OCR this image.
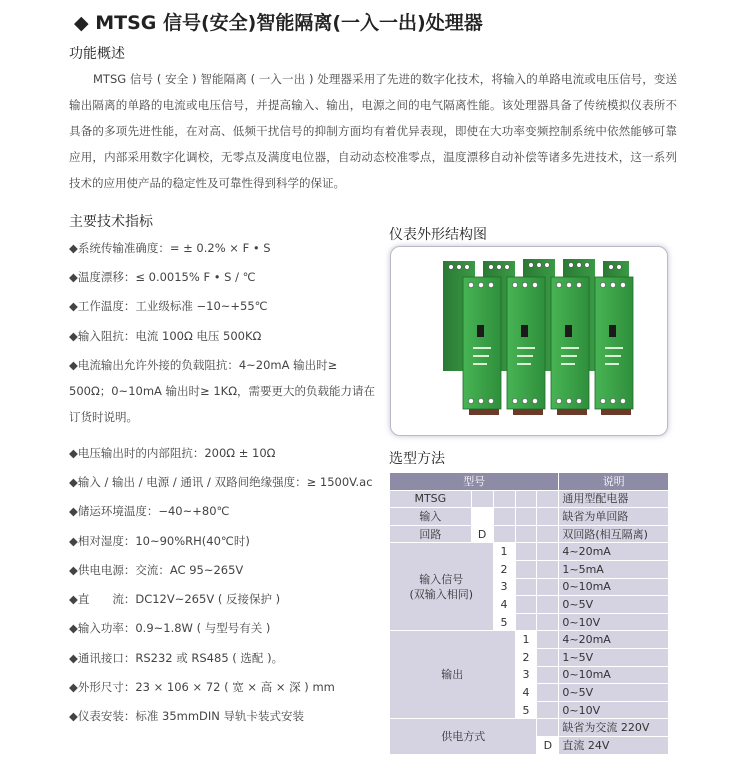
◆ MTSG 信号(安全)智能隔离(一入一出)处理器
功能概述
MTSG 信号 ( 安全 ) 智能隔离 ( 一入一出 ) 处理器采用了先进的数字化技术，将输入的单路电流或电压信号，变送输出隔离的单路的电流或电压信号，并提高输入、输出，电源之间的电气隔离性能。该处理器具备了传统模拟仪表所不具备的多项先进性能，在对高、低频干扰信号的抑制方面均有着优异表现，即使在大功率变频控制系统中依然能够可靠应用，内部采用数字化调校，无零点及满度电位器，自动动态校准零点，温度漂移自动补偿等诸多先进技术，这一系列技术的应用使产品的稳定性及可靠性得到科学的保证。
主要技术指标
◆系统传输准确度：= ± 0.2% × F • S
◆温度漂移：≤ 0.0015% F • S / ℃
◆工作温度：工业级标准 −10~+55℃
◆输入阻抗：电流 100Ω 电压 500KΩ
◆电流输出允许外接的负载阻抗：4~20mA 输出时≥ 500Ω；0~10mA 输出时≥ 1KΩ，需要更大的负载能力请在订货时说明。
◆电压输出时的内部阻抗：200Ω ± 10Ω
◆输入 / 输出 / 电源 / 通讯 / 双路间绝缘强度：≥ 1500V.ac
◆储运环境温度：−40~+80℃
◆相对湿度：10~90%RH(40℃时)
◆供电电源：交流：AC 95~265V
◆直　　流：DC12V~265V ( 反接保护 )
◆输入功率：0.9~1.8W ( 与型号有关 )
◆通讯接口：RS232 或 RS485 ( 选配 )。
◆外形尺寸：23 × 106 × 72 ( 宽 × 高 × 深 ) mm
◆仪表安装：标准 35mmDIN 导轨卡装式安装
仪表外形结构图
选型方法
型号					说明
MTSG					通用型配电器
输入					缺省为单回路
回路	D				双回路(相互隔离)

输入信号
(双输入相同)		1			4~20mA
		2			1~5mA
		3			0~10mA
		4			0~5V
		5			0~10V
输出			1		4~20mA
			2		1~5V
			3		0~10mA
			4		0~5V
			5		0~10V
供电方式					缺省为交流 220V
				D	直流 24V
